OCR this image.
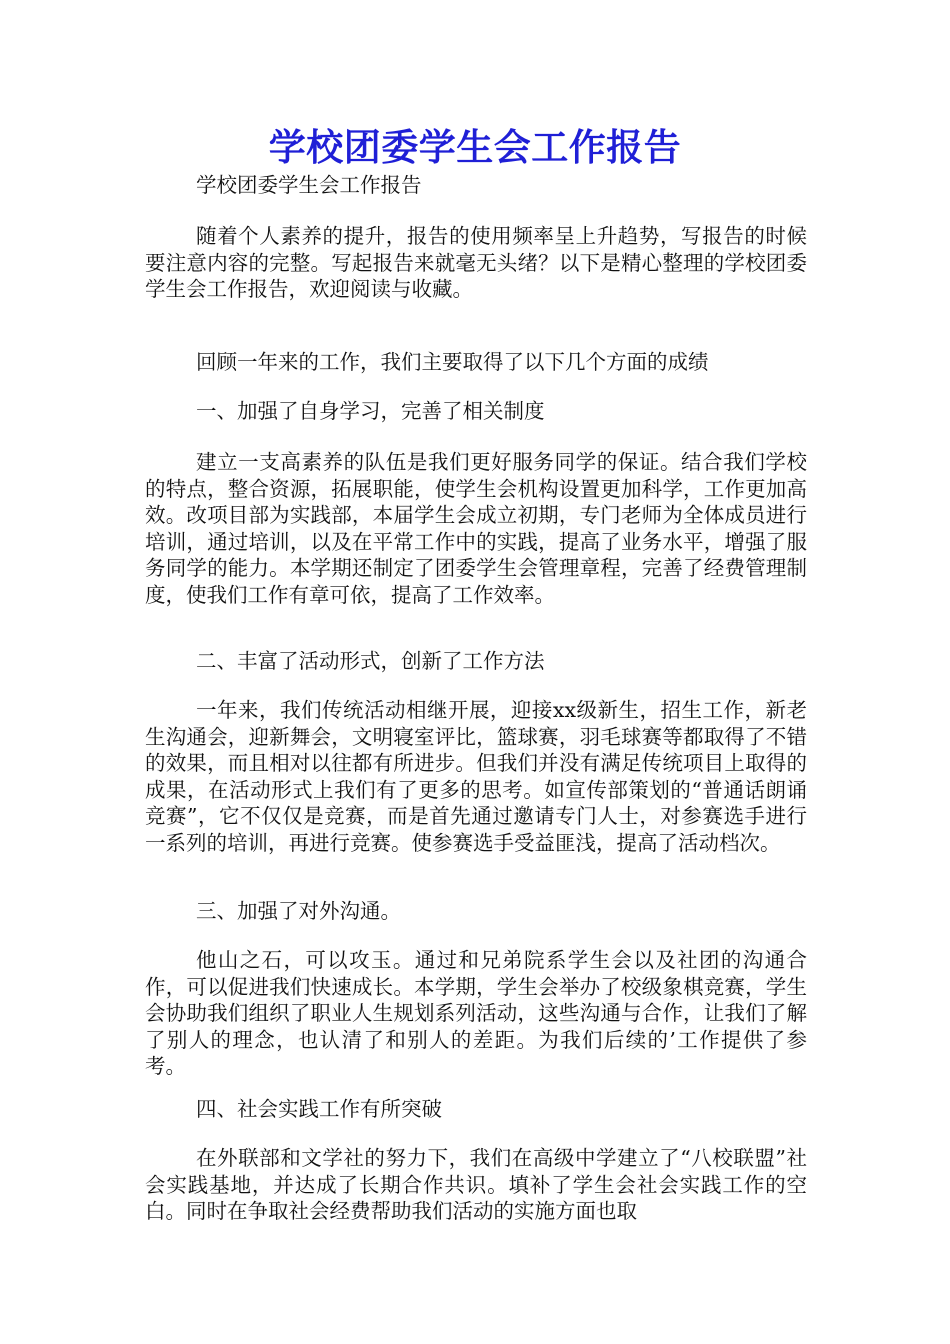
学校团委学生会工作报告

学校团委学生会工作报告

随着个人素养的提升，报告的使用频率呈上升趋势，写报告的时候要注意内容的完整。写起报告来就毫无头绪？以下是精心整理的学校团委学生会工作报告，欢迎阅读与收藏。

回顾一年来的工作，我们主要取得了以下几个方面的成绩

一、加强了自身学习，完善了相关制度

建立一支高素养的队伍是我们更好服务同学的保证。结合我们学校的特点，整合资源，拓展职能，使学生会机构设置更加科学，工作更加高效。改项目部为实践部，本届学生会成立初期，专门老师为全体成员进行培训，通过培训，以及在平常工作中的实践，提高了业务水平，增强了服务同学的能力。本学期还制定了团委学生会管理章程，完善了经费管理制度，使我们工作有章可依，提高了工作效率。

二、丰富了活动形式，创新了工作方法

一年来，我们传统活动相继开展，迎接xx级新生，招生工作，新老生沟通会，迎新舞会，文明寝室评比，篮球赛，羽毛球赛等都取得了不错的效果，而且相对以往都有所进步。但我们并没有满足传统项目上取得的成果，在活动形式上我们有了更多的思考。如宣传部策划的“普通话朗诵竞赛”，它不仅仅是竞赛，而是首先通过邀请专门人士，对参赛选手进行一系列的培训，再进行竞赛。使参赛选手受益匪浅，提高了活动档次。

三、加强了对外沟通。

他山之石，可以攻玉。通过和兄弟院系学生会以及社团的沟通合作，可以促进我们快速成长。本学期，学生会举办了校级象棋竞赛，学生会协助我们组织了职业人生规划系列活动，这些沟通与合作，让我们了解了别人的理念，也认清了和别人的差距。为我们后续的’工作提供了参考。

四、社会实践工作有所突破

在外联部和文学社的努力下，我们在高级中学建立了“八校联盟”社会实践基地，并达成了长期合作共识。填补了学生会社会实践工作的空白。同时在争取社会经费帮助我们活动的实施方面也取
